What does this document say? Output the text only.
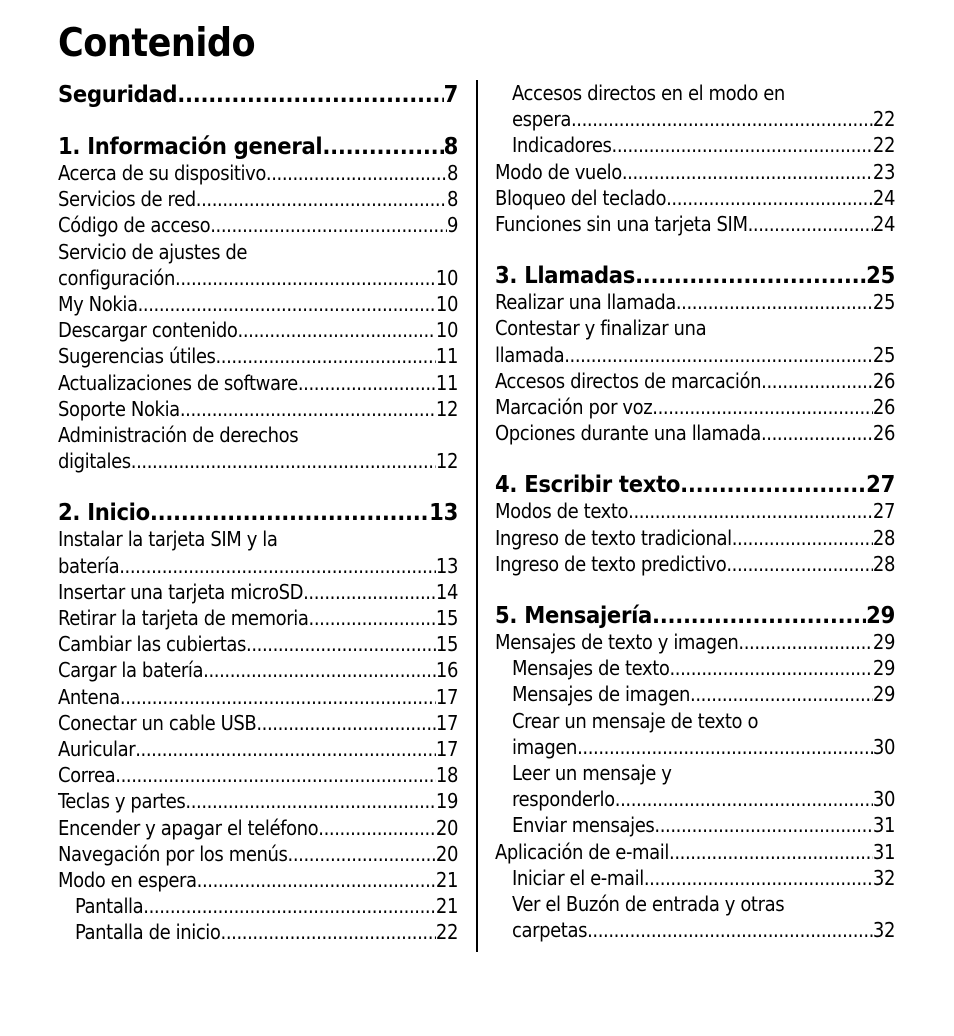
Contenido
Seguridad .....	7
1. Información general .....	8
Acerca de su dispositivo .....	8
Servicios de red .....	8
Código de acceso .....	9
Servicio de ajustes de
configuración .....	10
My Nokia .....	10
Descargar contenido .....	10
Sugerencias útiles .....	11
Actualizaciones de software .....	11
Soporte Nokia .....	12
Administración de derechos
digitales .....	12
2. Inicio .....	13
Instalar la tarjeta SIM y la
batería .....	13
Insertar una tarjeta microSD .....	14
Retirar la tarjeta de memoria .....	15
Cambiar las cubiertas .....	15
Cargar la batería .....	16
Antena .....	17
Conectar un cable USB .....	17
Auricular .....	17
Correa .....	18
Teclas y partes .....	19
Encender y apagar el teléfono .....	20
Navegación por los menús .....	20
Modo en espera .....	21
Pantalla .....	21
Pantalla de inicio .....	22
Accesos directos en el modo en
espera .....	22
Indicadores .....	22
Modo de vuelo .....	23
Bloqueo del teclado .....	24
Funciones sin una tarjeta SIM .....	24
3. Llamadas .....	25
Realizar una llamada .....	25
Contestar y finalizar una
llamada .....	25
Accesos directos de marcación .....	26
Marcación por voz .....	26
Opciones durante una llamada .....	26
4. Escribir texto .....	27
Modos de texto .....	27
Ingreso de texto tradicional .....	28
Ingreso de texto predictivo .....	28
5. Mensajería .....	29
Mensajes de texto y imagen .....	29
Mensajes de texto .....	29
Mensajes de imagen .....	29
Crear un mensaje de texto o
imagen .....	30
Leer un mensaje y
responderlo .....	30
Enviar mensajes .....	31
Aplicación de e-mail .....	31
Iniciar el e-mail .....	32
Ver el Buzón de entrada y otras
carpetas .....	32
